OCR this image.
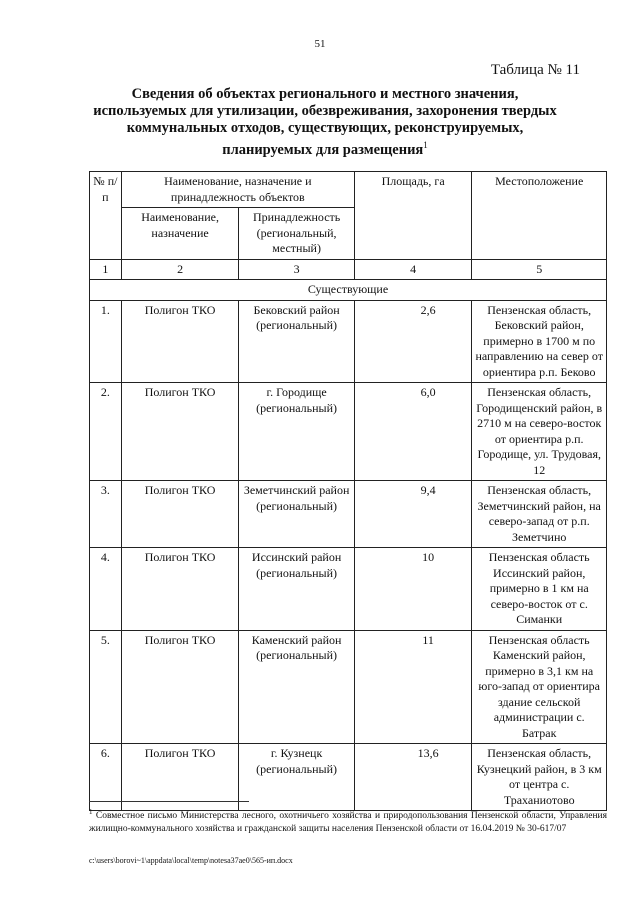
51
Таблица № 11
Сведения об объектах регионального и местного значения, используемых для утилизации, обезвреживания, захоронения твердых коммунальных отходов, существующих, реконструируемых, планируемых для размещения$^1$
№ п/п	Наименование, назначение и принадлежность объектов		Площадь, га	Местоположение
	Наименование, назначение	Принадлежность (региональный, местный)		
1	2	3	4	5
Существующие				
1.	Полигон ТКО	Бековский район (региональный)	2,6	Пензенская область, Бековский район, примерно в 1700 м по направлению на север от ориентира р.п. Беково
2.	Полигон ТКО	г. Городище (региональный)	6,0	Пензенская область, Городищенский район, в 2710 м на северо-восток от ориентира р.п. Городище, ул. Трудовая, 12
3.	Полигон ТКО	Земетчинский район (региональный)	9,4	Пензенская область, Земетчинский район, на северо-запад от р.п. Земетчино
4.	Полигон ТКО	Иссинский район (региональный)	10	Пензенская область Иссинский район, примерно в 1 км на северо-восток от с. Симанки
5.	Полигон ТКО	Каменский район (региональный)	11	Пензенская область Каменский район, примерно в 3,1 км на юго-запад от ориентира здание сельской администрации с. Батрак
6.	Полигон ТКО	г. Кузнецк (региональный)	13,6	Пензенская область, Кузнецкий район, в 3 км от центра с. Траханиотово
$^1$ Совместное письмо Министерства лесного, охотничьего хозяйства и природопользования Пензенской области, Управления жилищно-коммунального хозяйства и гражданской защиты населения Пензенской области от 16.04.2019 № 30-617/07
c:\users\borovi~1\appdata\local\temp\notesa37ae0\565-ип.docx
